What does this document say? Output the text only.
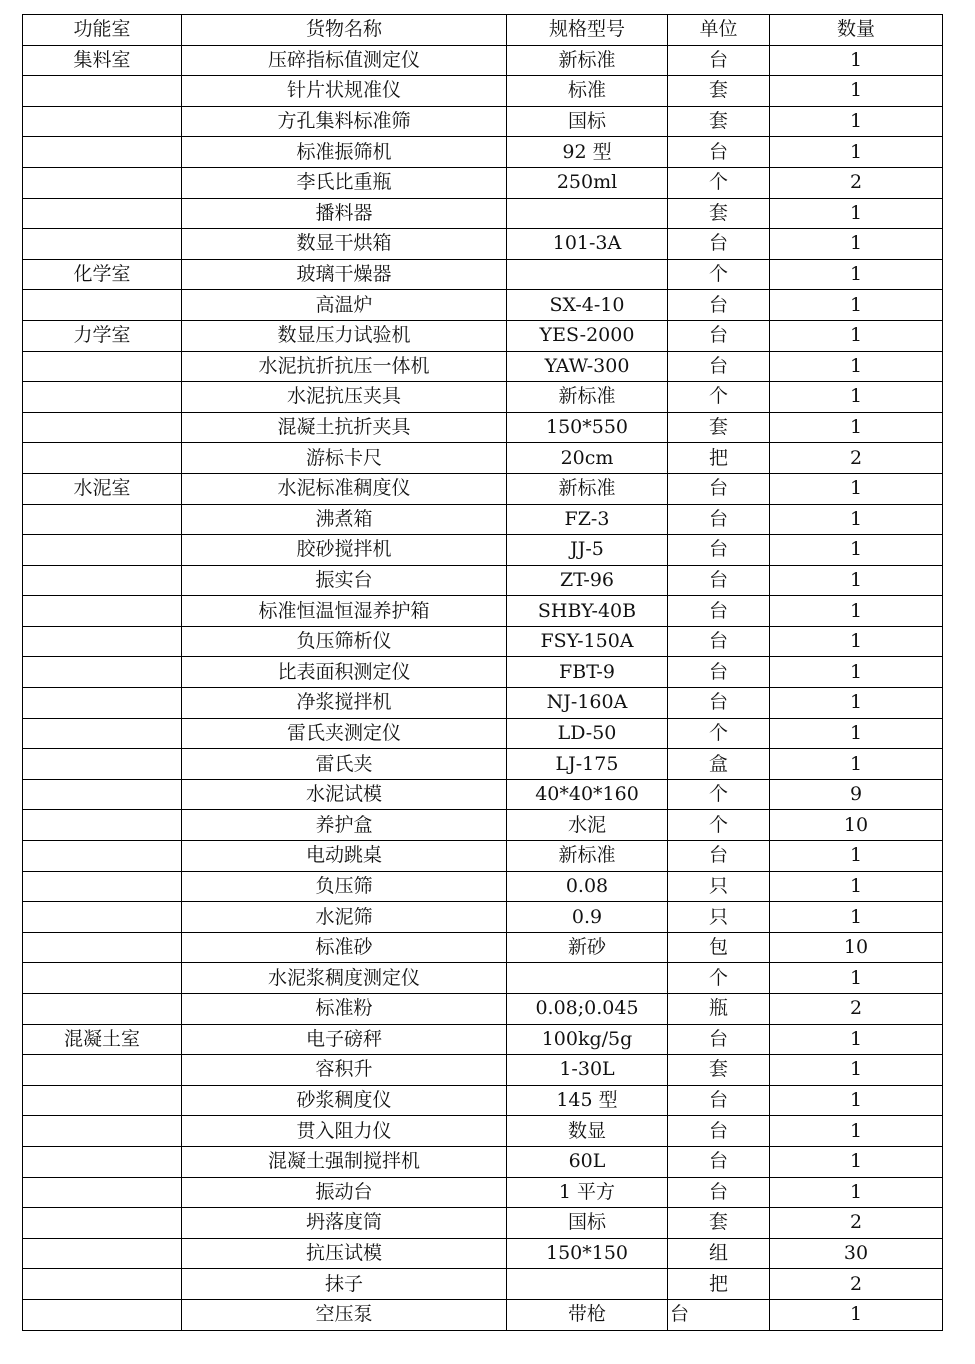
功能室	货物名称	规格型号	单位	数量
集料室	压碎指标值测定仪	新标准	台	1
	针片状规准仪	标准	套	1
	方孔集料标准筛	国标	套	1
	标准振筛机	92 型	台	1
	李氏比重瓶	250ml	个	2
	播料器		套	1
	数显干烘箱	101-3A	台	1
化学室	玻璃干燥器		个	1
	高温炉	SX-4-10	台	1
力学室	数显压力试验机	YES-2000	台	1
	水泥抗折抗压一体机	YAW-300	台	1
	水泥抗压夹具	新标准	个	1
	混凝土抗折夹具	150*550	套	1
	游标卡尺	20cm	把	2
水泥室	水泥标准稠度仪	新标准	台	1
	沸煮箱	FZ-3	台	1
	胶砂搅拌机	JJ-5	台	1
	振实台	ZT-96	台	1
	标准恒温恒湿养护箱	SHBY-40B	台	1
	负压筛析仪	FSY-150A	台	1
	比表面积测定仪	FBT-9	台	1
	净浆搅拌机	NJ-160A	台	1
	雷氏夹测定仪	LD-50	个	1
	雷氏夹	LJ-175	盒	1
	水泥试模	40*40*160	个	9
	养护盒	水泥	个	10
	电动跳桌	新标准	台	1
	负压筛	0.08	只	1
	水泥筛	0.9	只	1
	标准砂	新砂	包	10
	水泥浆稠度测定仪		个	1
	标准粉	0.08;0.045	瓶	2
混凝土室	电子磅秤	100kg/5g	台	1
	容积升	1-30L	套	1
	砂浆稠度仪	145 型	台	1
	贯入阻力仪	数显	台	1
	混凝土强制搅拌机	60L	台	1
	振动台	1 平方	台	1
	坍落度筒	国标	套	2
	抗压试模	150*150	组	30
	抹子		把	2
	空压泵	带枪	台	1
